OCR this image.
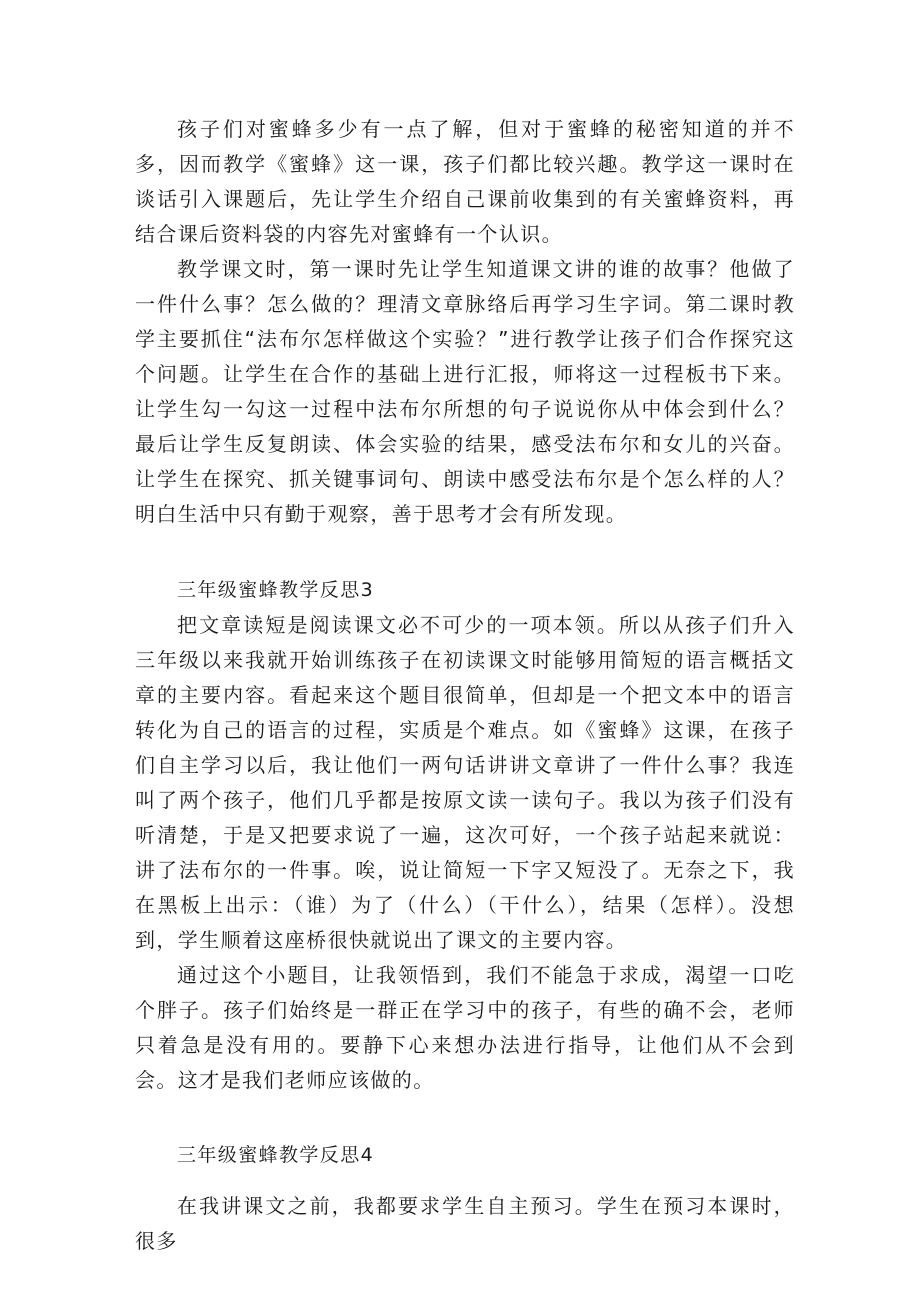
孩子们对蜜蜂多少有一点了解，但对于蜜蜂的秘密知道的并不多，因而教学《蜜蜂》这一课，孩子们都比较兴趣。教学这一课时在谈话引入课题后，先让学生介绍自己课前收集到的有关蜜蜂资料，再结合课后资料袋的内容先对蜜蜂有一个认识。

教学课文时，第一课时先让学生知道课文讲的谁的故事？他做了一件什么事？怎么做的？理清文章脉络后再学习生字词。第二课时教学主要抓住“法布尔怎样做这个实验？”进行教学让孩子们合作探究这个问题。让学生在合作的基础上进行汇报，师将这一过程板书下来。让学生勾一勾这一过程中法布尔所想的句子说说你从中体会到什么？最后让学生反复朗读、体会实验的结果，感受法布尔和女儿的兴奋。让学生在探究、抓关键事词句、朗读中感受法布尔是个怎么样的人？明白生活中只有勤于观察，善于思考才会有所发现。

三年级蜜蜂教学反思3

把文章读短是阅读课文必不可少的一项本领。所以从孩子们升入三年级以来我就开始训练孩子在初读课文时能够用简短的语言概括文章的主要内容。看起来这个题目很简单，但却是一个把文本中的语言转化为自己的语言的过程，实质是个难点。如《蜜蜂》这课，在孩子们自主学习以后，我让他们一两句话讲讲文章讲了一件什么事？我连叫了两个孩子，他们几乎都是按原文读一读句子。我以为孩子们没有听清楚，于是又把要求说了一遍，这次可好，一个孩子站起来就说：讲了法布尔的一件事。唉，说让简短一下字又短没了。无奈之下，我在黑板上出示：（谁）为了（什么）（干什么），结果（怎样）。没想到，学生顺着这座桥很快就说出了课文的主要内容。

通过这个小题目，让我领悟到，我们不能急于求成，渴望一口吃个胖子。孩子们始终是一群正在学习中的孩子，有些的确不会，老师只着急是没有用的。要静下心来想办法进行指导，让他们从不会到会。这才是我们老师应该做的。

三年级蜜蜂教学反思4

在我讲课文之前，我都要求学生自主预习。学生在预习本课时，很多
